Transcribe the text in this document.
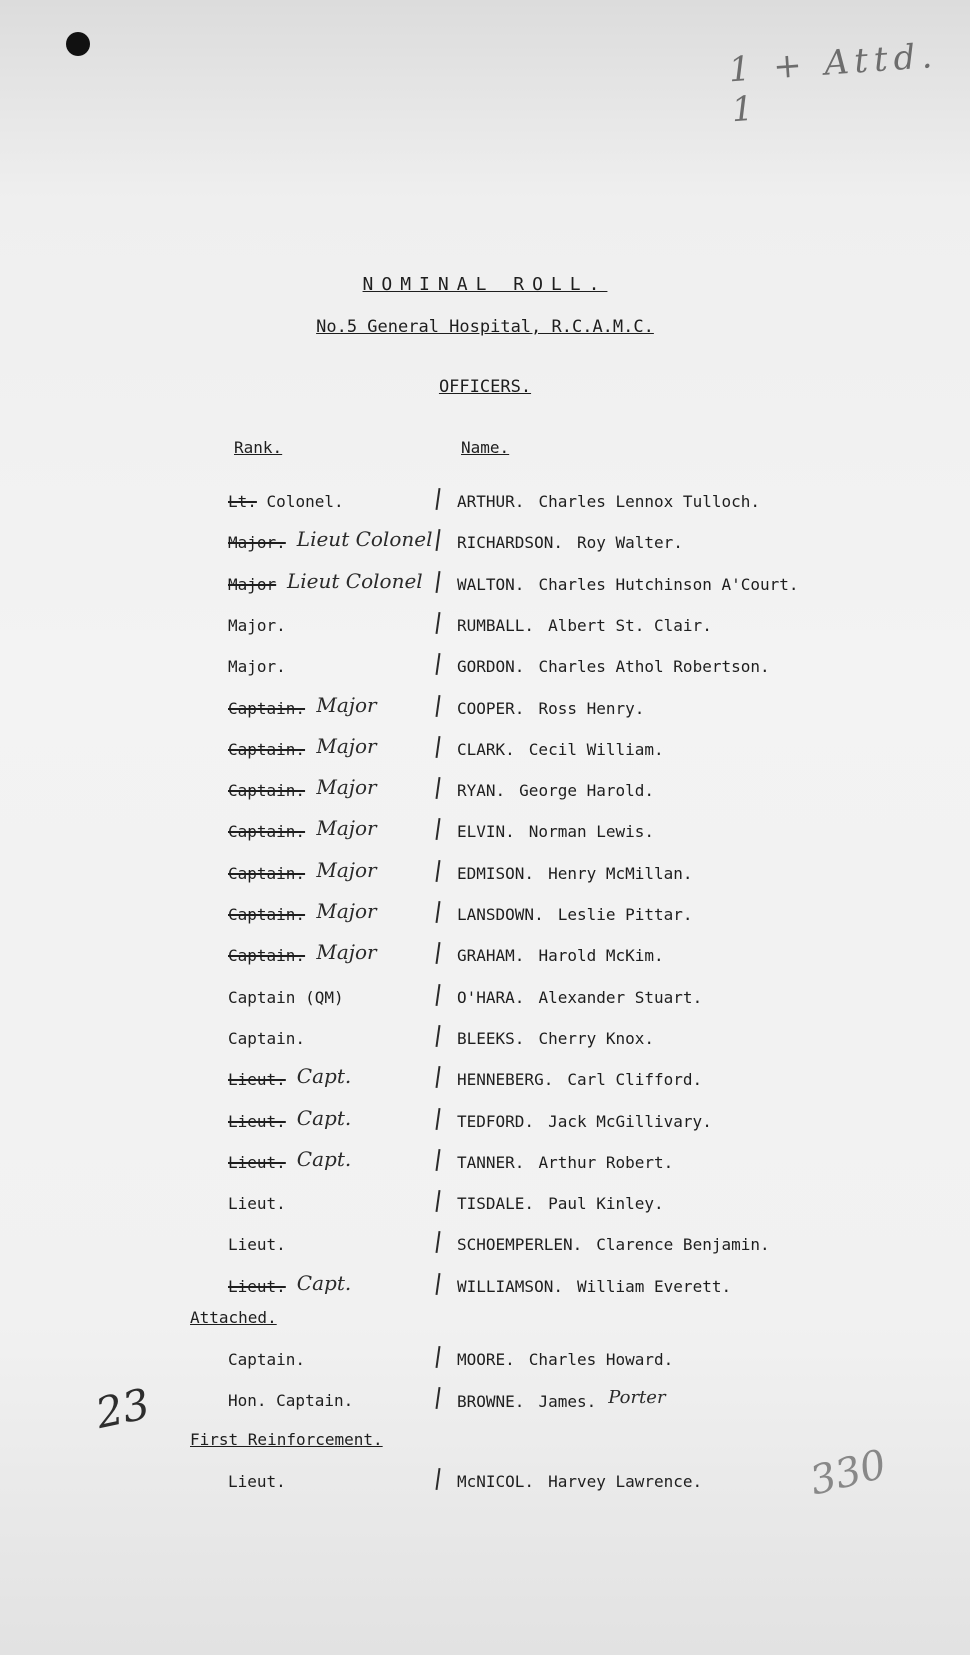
1 + Attd. 1
NOMINAL ROLL.
No.5 General Hospital, R.C.A.M.C.
OFFICERS.
Rank.	Name.
Lt. Colonel.	ARTHUR. Charles Lennox Tulloch.
Major. Lieut Colonel RICHARDSON. Roy Walter.
Major Lieut Colonel WALTON. Charles Hutchinson A'Court.
Major.	RUMBALL. Albert St. Clair.
Major.	GORDON. Charles Athol Robertson.
Captain. Major	COOPER. Ross Henry.
Captain. Major	CLARK. Cecil William.
Captain. Major	RYAN. George Harold.
Captain. Major	ELVIN. Norman Lewis.
Captain. Major	EDMISON. Henry McMillan.
Captain. Major	LANSDOWN. Leslie Pittar.
Captain. Major	GRAHAM. Harold McKim.
Captain (QM)	O'HARA. Alexander Stuart.
Captain.	BLEEKS. Cherry Knox.
Lieut. Capt.	HENNEBERG. Carl Clifford.
Lieut. Capt.	TEDFORD. Jack McGillivary.
Lieut. Capt.	TANNER. Arthur Robert.
Lieut.	TISDALE. Paul Kinley.
Lieut.	SCHOEMPERLEN. Clarence Benjamin.
Lieut. Capt.	WILLIAMSON. William Everett.
Attached.
Captain.	MOORE. Charles Howard.
Hon. Captain.	BROWNE. James. Porter
First Reinforcement.
Lieut.	McNICOL. Harvey Lawrence.
23
330
